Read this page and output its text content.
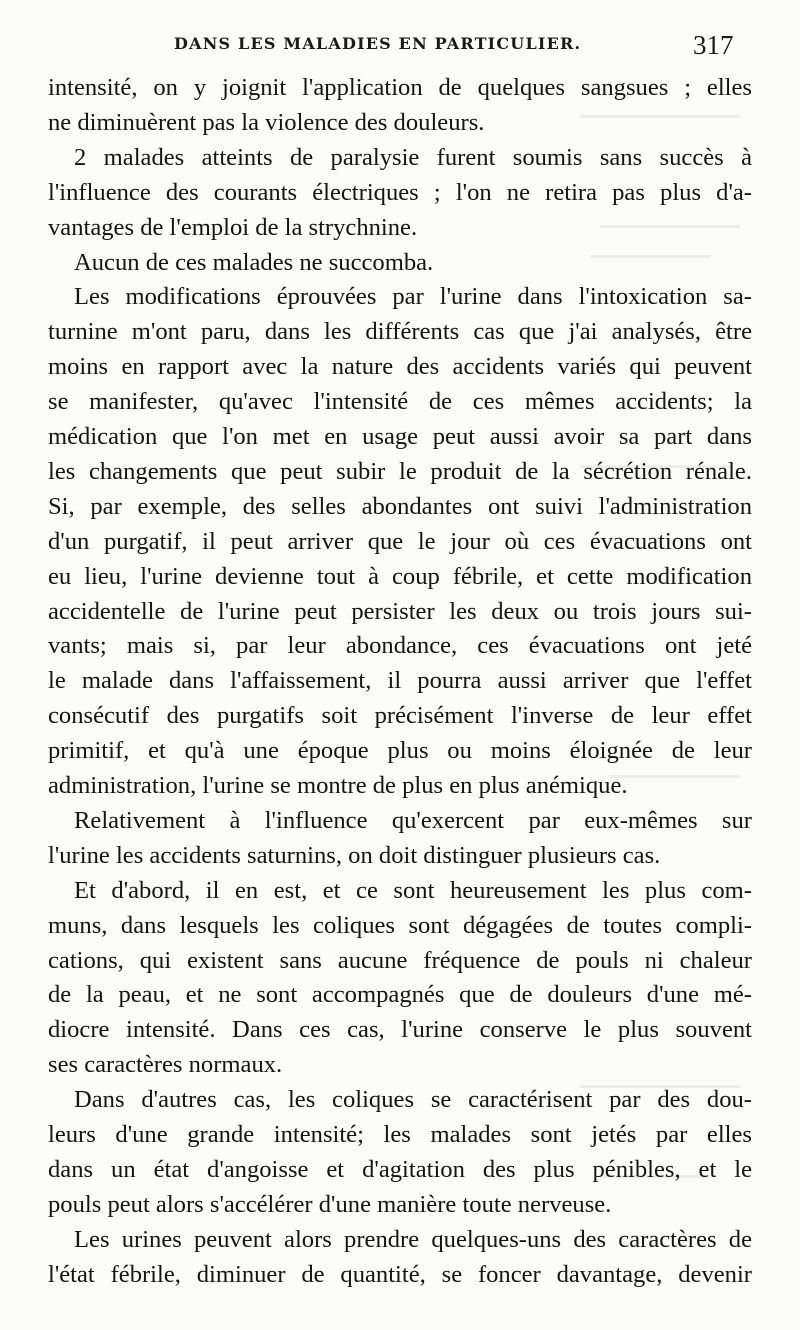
DANS LES MALADIES EN PARTICULIER.	317
intensité, on y joignit l'application de quelques sangsues ; elles
ne diminuèrent pas la violence des douleurs.
2 malades atteints de paralysie furent soumis sans succès à
l'influence des courants électriques ; l'on ne retira pas plus d'a-
vantages de l'emploi de la strychnine.
Aucun de ces malades ne succomba.
Les modifications éprouvées par l'urine dans l'intoxication sa-
turnine m'ont paru, dans les différents cas que j'ai analysés, être
moins en rapport avec la nature des accidents variés qui peuvent
se manifester, qu'avec l'intensité de ces mêmes accidents; la
médication que l'on met en usage peut aussi avoir sa part dans
les changements que peut subir le produit de la sécrétion rénale.
Si, par exemple, des selles abondantes ont suivi l'administration
d'un purgatif, il peut arriver que le jour où ces évacuations ont
eu lieu, l'urine devienne tout à coup fébrile, et cette modification
accidentelle de l'urine peut persister les deux ou trois jours sui-
vants; mais si, par leur abondance, ces évacuations ont jeté
le malade dans l'affaissement, il pourra aussi arriver que l'effet
consécutif des purgatifs soit précisément l'inverse de leur effet
primitif, et qu'à une époque plus ou moins éloignée de leur
administration, l'urine se montre de plus en plus anémique.
Relativement à l'influence qu'exercent par eux-mêmes sur
l'urine les accidents saturnins, on doit distinguer plusieurs cas.
Et d'abord, il en est, et ce sont heureusement les plus com-
muns, dans lesquels les coliques sont dégagées de toutes compli-
cations, qui existent sans aucune fréquence de pouls ni chaleur
de la peau, et ne sont accompagnés que de douleurs d'une mé-
diocre intensité. Dans ces cas, l'urine conserve le plus souvent
ses caractères normaux.
Dans d'autres cas, les coliques se caractérisent par des dou-
leurs d'une grande intensité; les malades sont jetés par elles
dans un état d'angoisse et d'agitation des plus pénibles, et le
pouls peut alors s'accélérer d'une manière toute nerveuse.
Les urines peuvent alors prendre quelques-uns des caractères de
l'état fébrile, diminuer de quantité, se foncer davantage, devenir
